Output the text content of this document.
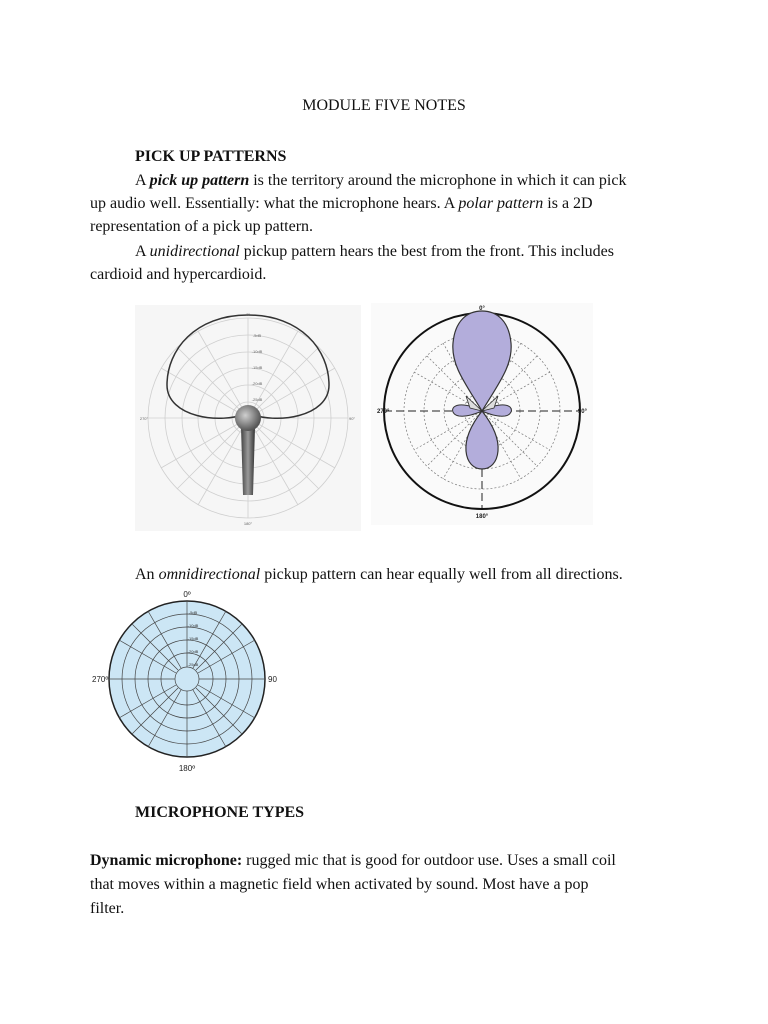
MODULE FIVE NOTES
PICK UP PATTERNS
A pick up pattern is the territory around the microphone in which it can pick
up audio well. Essentially: what the microphone hears. A polar pattern is a 2D
representation of a pick up pattern.
A unidirectional pickup pattern hears the best from the front. This includes
cardioid and hypercardioid.
0°
90°
180°
270°
-5dB
-10dB
-15dB
-20dB
-25dB
0°
90°
180°
270°
An omnidirectional pickup pattern can hear equally well from all directions.
-5dB
-10dB
-15dB
-20dB
-25dB
0º
90
180º
270º
MICROPHONE TYPES
Dynamic microphone: rugged mic that is good for outdoor use. Uses a small coil
that moves within a magnetic field when activated by sound. Most have a pop
filter.
